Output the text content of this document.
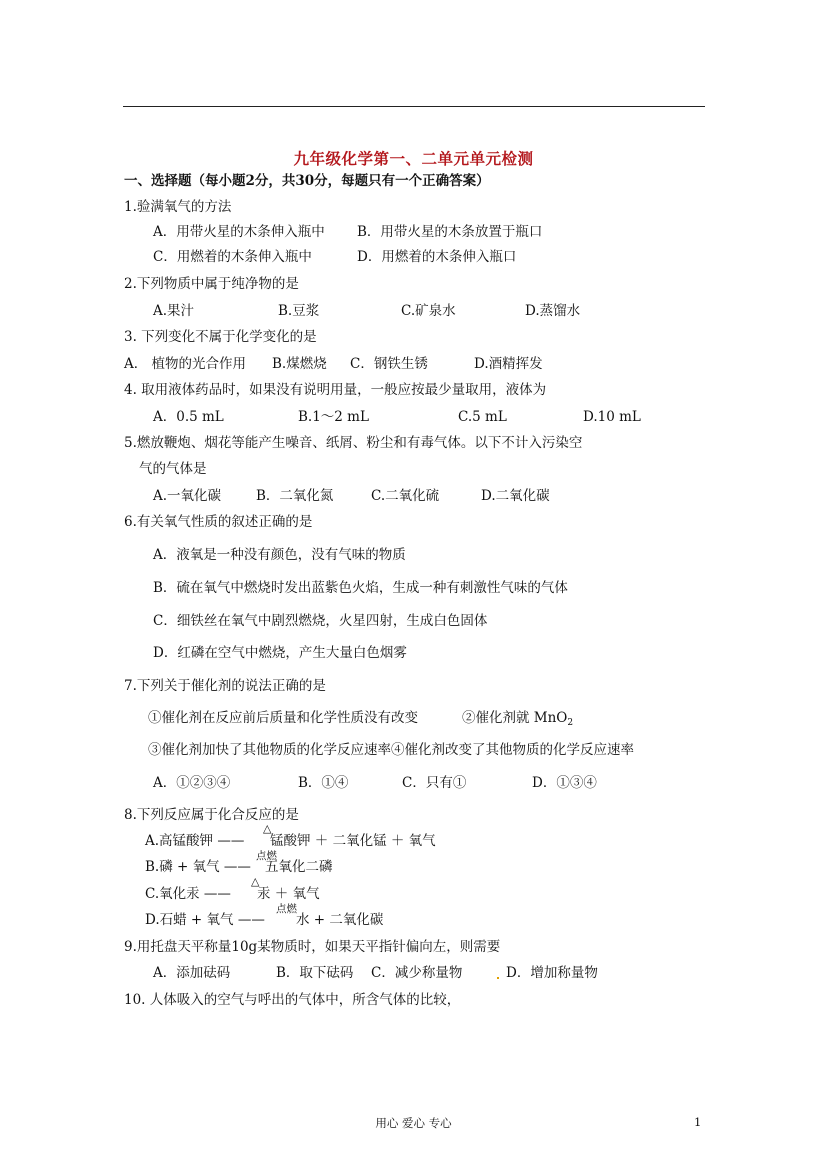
九年级化学第一、二单元单元检测
一、选择题（每小题2分，共30分，每题只有一个正确答案）
1.验满氧气的方法
A．用带火星的木条伸入瓶中 B．用带火星的木条放置于瓶口
C．用燃着的木条伸入瓶中	D．用燃着的木条伸入瓶口
2.下列物质中属于纯净物的是
A.果汁	B.豆浆	C.矿泉水	D.蒸馏水
3. 下列变化不属于化学变化的是
A． 植物的光合作用 B.煤燃烧 C．钢铁生锈	D.酒精挥发
4. 取用液体药品时，如果没有说明用量，一般应按最少量取用，液体为
A．0.5 mL	B.1～2 mL	C.5 mL	D.10 mL
5.燃放鞭炮、烟花等能产生噪音、纸屑、粉尘和有毒气体。以下不计入污染空
气的气体是
A.一氧化碳	B．二氧化氮	C.二氧化硫	D.二氧化碳
6.有关氧气性质的叙述正确的是
A．液氧是一种没有颜色，没有气味的物质
B．硫在氧气中燃烧时发出蓝紫色火焰，生成一种有刺激性气味的气体
C．细铁丝在氧气中剧烈燃烧，火星四射，生成白色固体
D．红磷在空气中燃烧，产生大量白色烟雾
7.下列关于催化剂的说法正确的是
①催化剂在反应前后质量和化学性质没有改变	②催化剂就 MnO$_2$
③催化剂加快了其他物质的化学反应速率④催化剂改变了其他物质的化学反应速率
A．①②③④	B．①④	C．只有①	D．①③④
8.下列反应属于化合反应的是
A.高锰酸钾 ——
△
锰酸钾 ＋ 二氧化锰 ＋ 氧气
点燃
B.磷 + 氧气 —— 五氧化二磷
△
C.氧化汞 —— 汞 ＋ 氧气
点燃
D.石蜡 + 氧气 —— 水 + 二氧化碳
9.用托盘天平称量10g某物质时，如果天平指针偏向左，则需要
A．添加砝码	B．取下砝码 C．减少称量物	D．增加称量物
10. 人体吸入的空气与呼出的气体中，所含气体的比较，
用心 爱心 专心	1
